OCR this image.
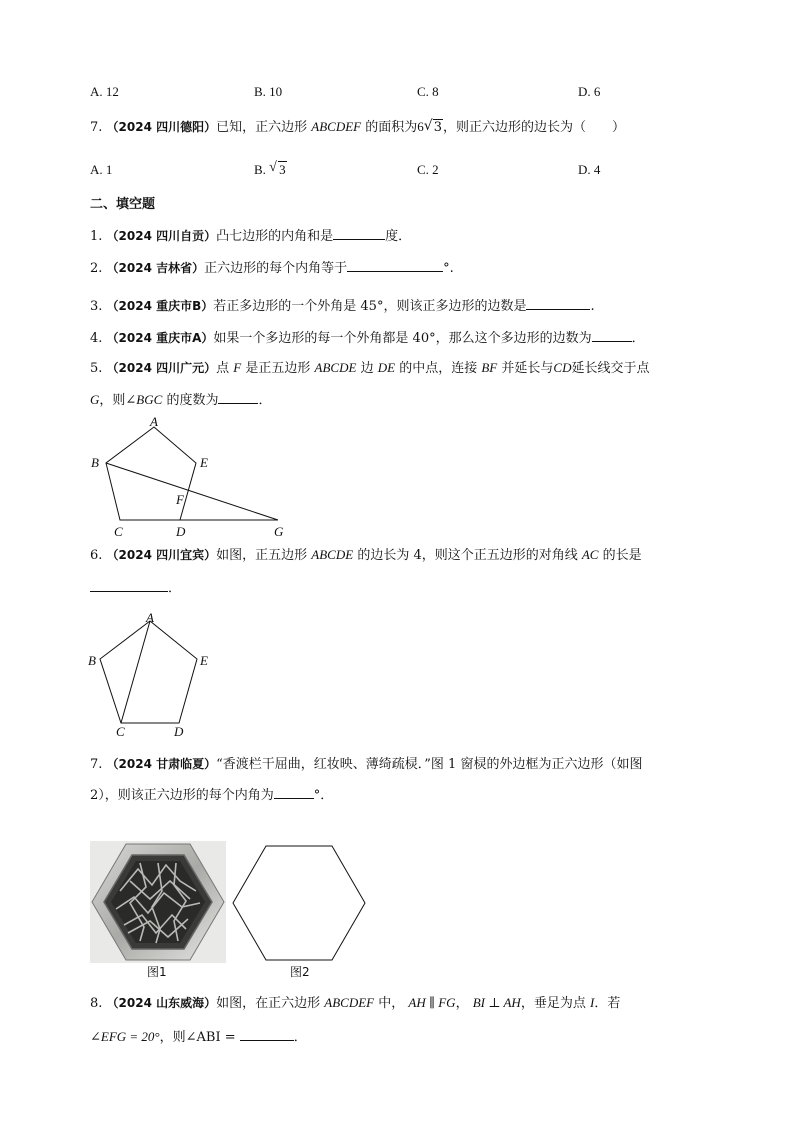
A. 12	B. 10	C. 8	D. 6
7. （2024 四川德阳）已知，正六边形 ABCDEF 的面积为6 √ 3，则正六边形的边长为（　　）
A. 1	B. √ 3	C. 2	D. 4
二、填空题
1. （2024 四川自贡）凸七边形的内角和是	度．
2. （2024 吉林省）正六边形的每个内角等于	°.
3. （2024 重庆市B）若正多边形的一个外角是 45°，则该正多边形的边数是	.
4. （2024 重庆市A）如果一个多边形的每一个外角都是 40°，那么这个多边形的边数为	．
5. （2024 四川广元）点 F 是正五边形 ABCDE 边 DE 的中点，连接 BF 并延长与CD延长线交于点
G，则∠BGC 的度数为	．
A
B	E
F
C	D	G
6. （2024 四川宜宾）如图，正五边形 ABCDE 的边长为 4，则这个正五边形的对角线 AC 的长是
．
A
B	E
C	D
7. （2024 甘肃临夏）“香渡栏干屈曲，红妆映、薄绮疏棂．”图 1 窗棂的外边框为正六边形（如图
2），则该正六边形的每个内角为	°．
图1	图2
8. （2024 山东威海）如图，在正六边形 ABCDEF 中， AH ∥ FG， BI ⊥ AH，垂足为点 I．若
∠EFG = 20°，则∠ABI =	．
